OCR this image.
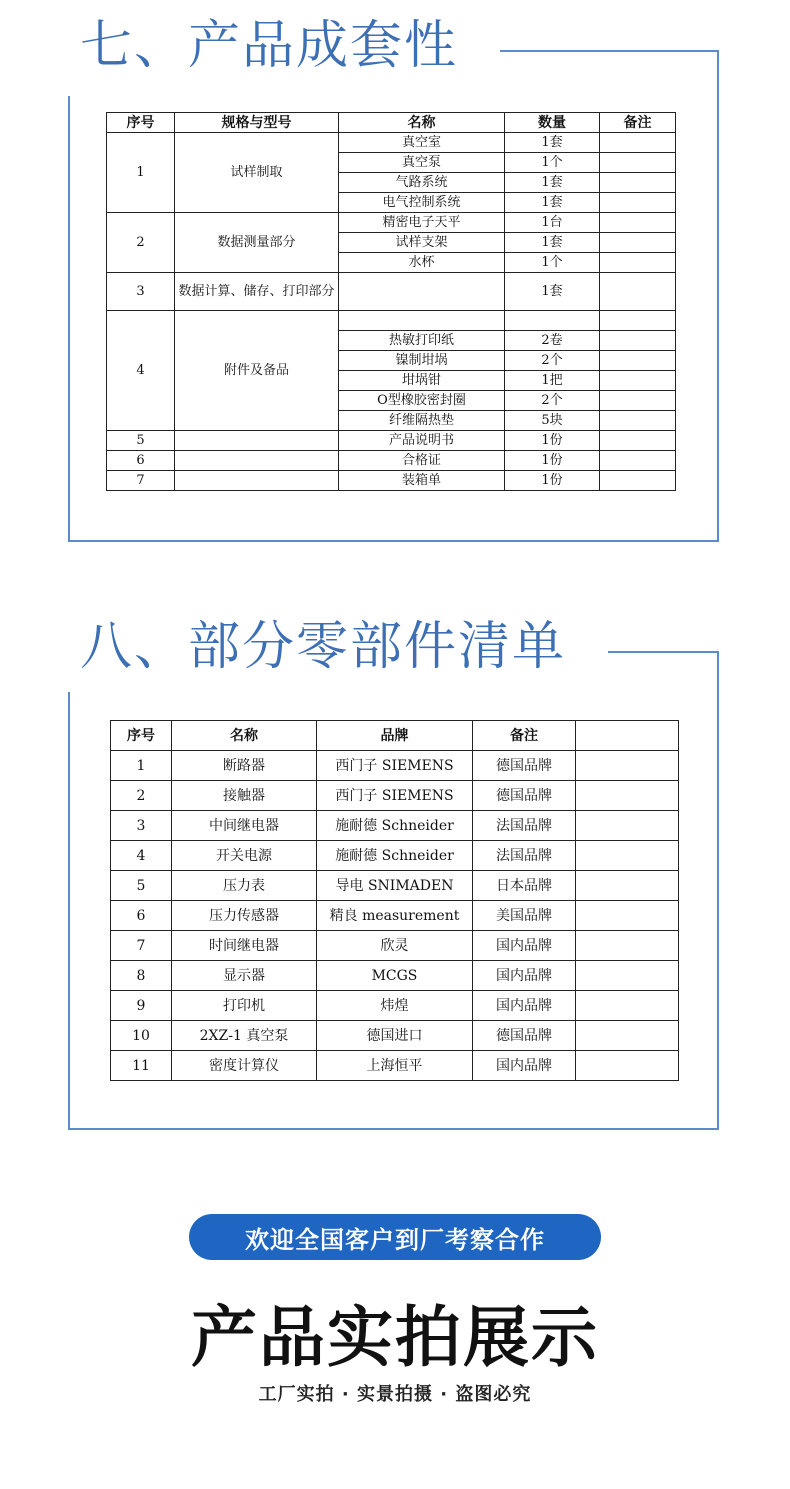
七、产品成套性
序号	规格与型号	名称	数量	备注
1	试样制取	真空室	1套	
		真空泵	1个	
		气路系统	1套	
		电气控制系统	1套	
2	数据测量部分	精密电子天平	1台	
		试样支架	1套	
		水杯	1个	
3	数据计算、储存、打印部分		1套	
4	附件及备品			
		热敏打印纸	2卷	
		镍制坩埚	2个	
		坩埚钳	1把	
		O型橡胶密封圈	2个	
		纤维隔热垫	5块	
5		产品说明书	1份	
6		合格证	1份	
7		装箱单	1份	
八、部分零部件清单
序号	名称	品牌	备注	
1	断路器	西门子 SIEMENS	德国品牌	
2	接触器	西门子 SIEMENS	德国品牌	
3	中间继电器	施耐德 Schneider	法国品牌	
4	开关电源	施耐德 Schneider	法国品牌	
5	压力表	导电 SNIMADEN	日本品牌	
6	压力传感器	精良 measurement	美国品牌	
7	时间继电器	欣灵	国内品牌	
8	显示器	MCGS	国内品牌	
9	打印机	炜煌	国内品牌	
10	2XZ-1 真空泵	德国进口	德国品牌	
11	密度计算仪	上海恒平	国内品牌	
欢迎全国客户到厂考察合作
产品实拍展示
工厂实拍 · 实景拍摄 · 盗图必究
